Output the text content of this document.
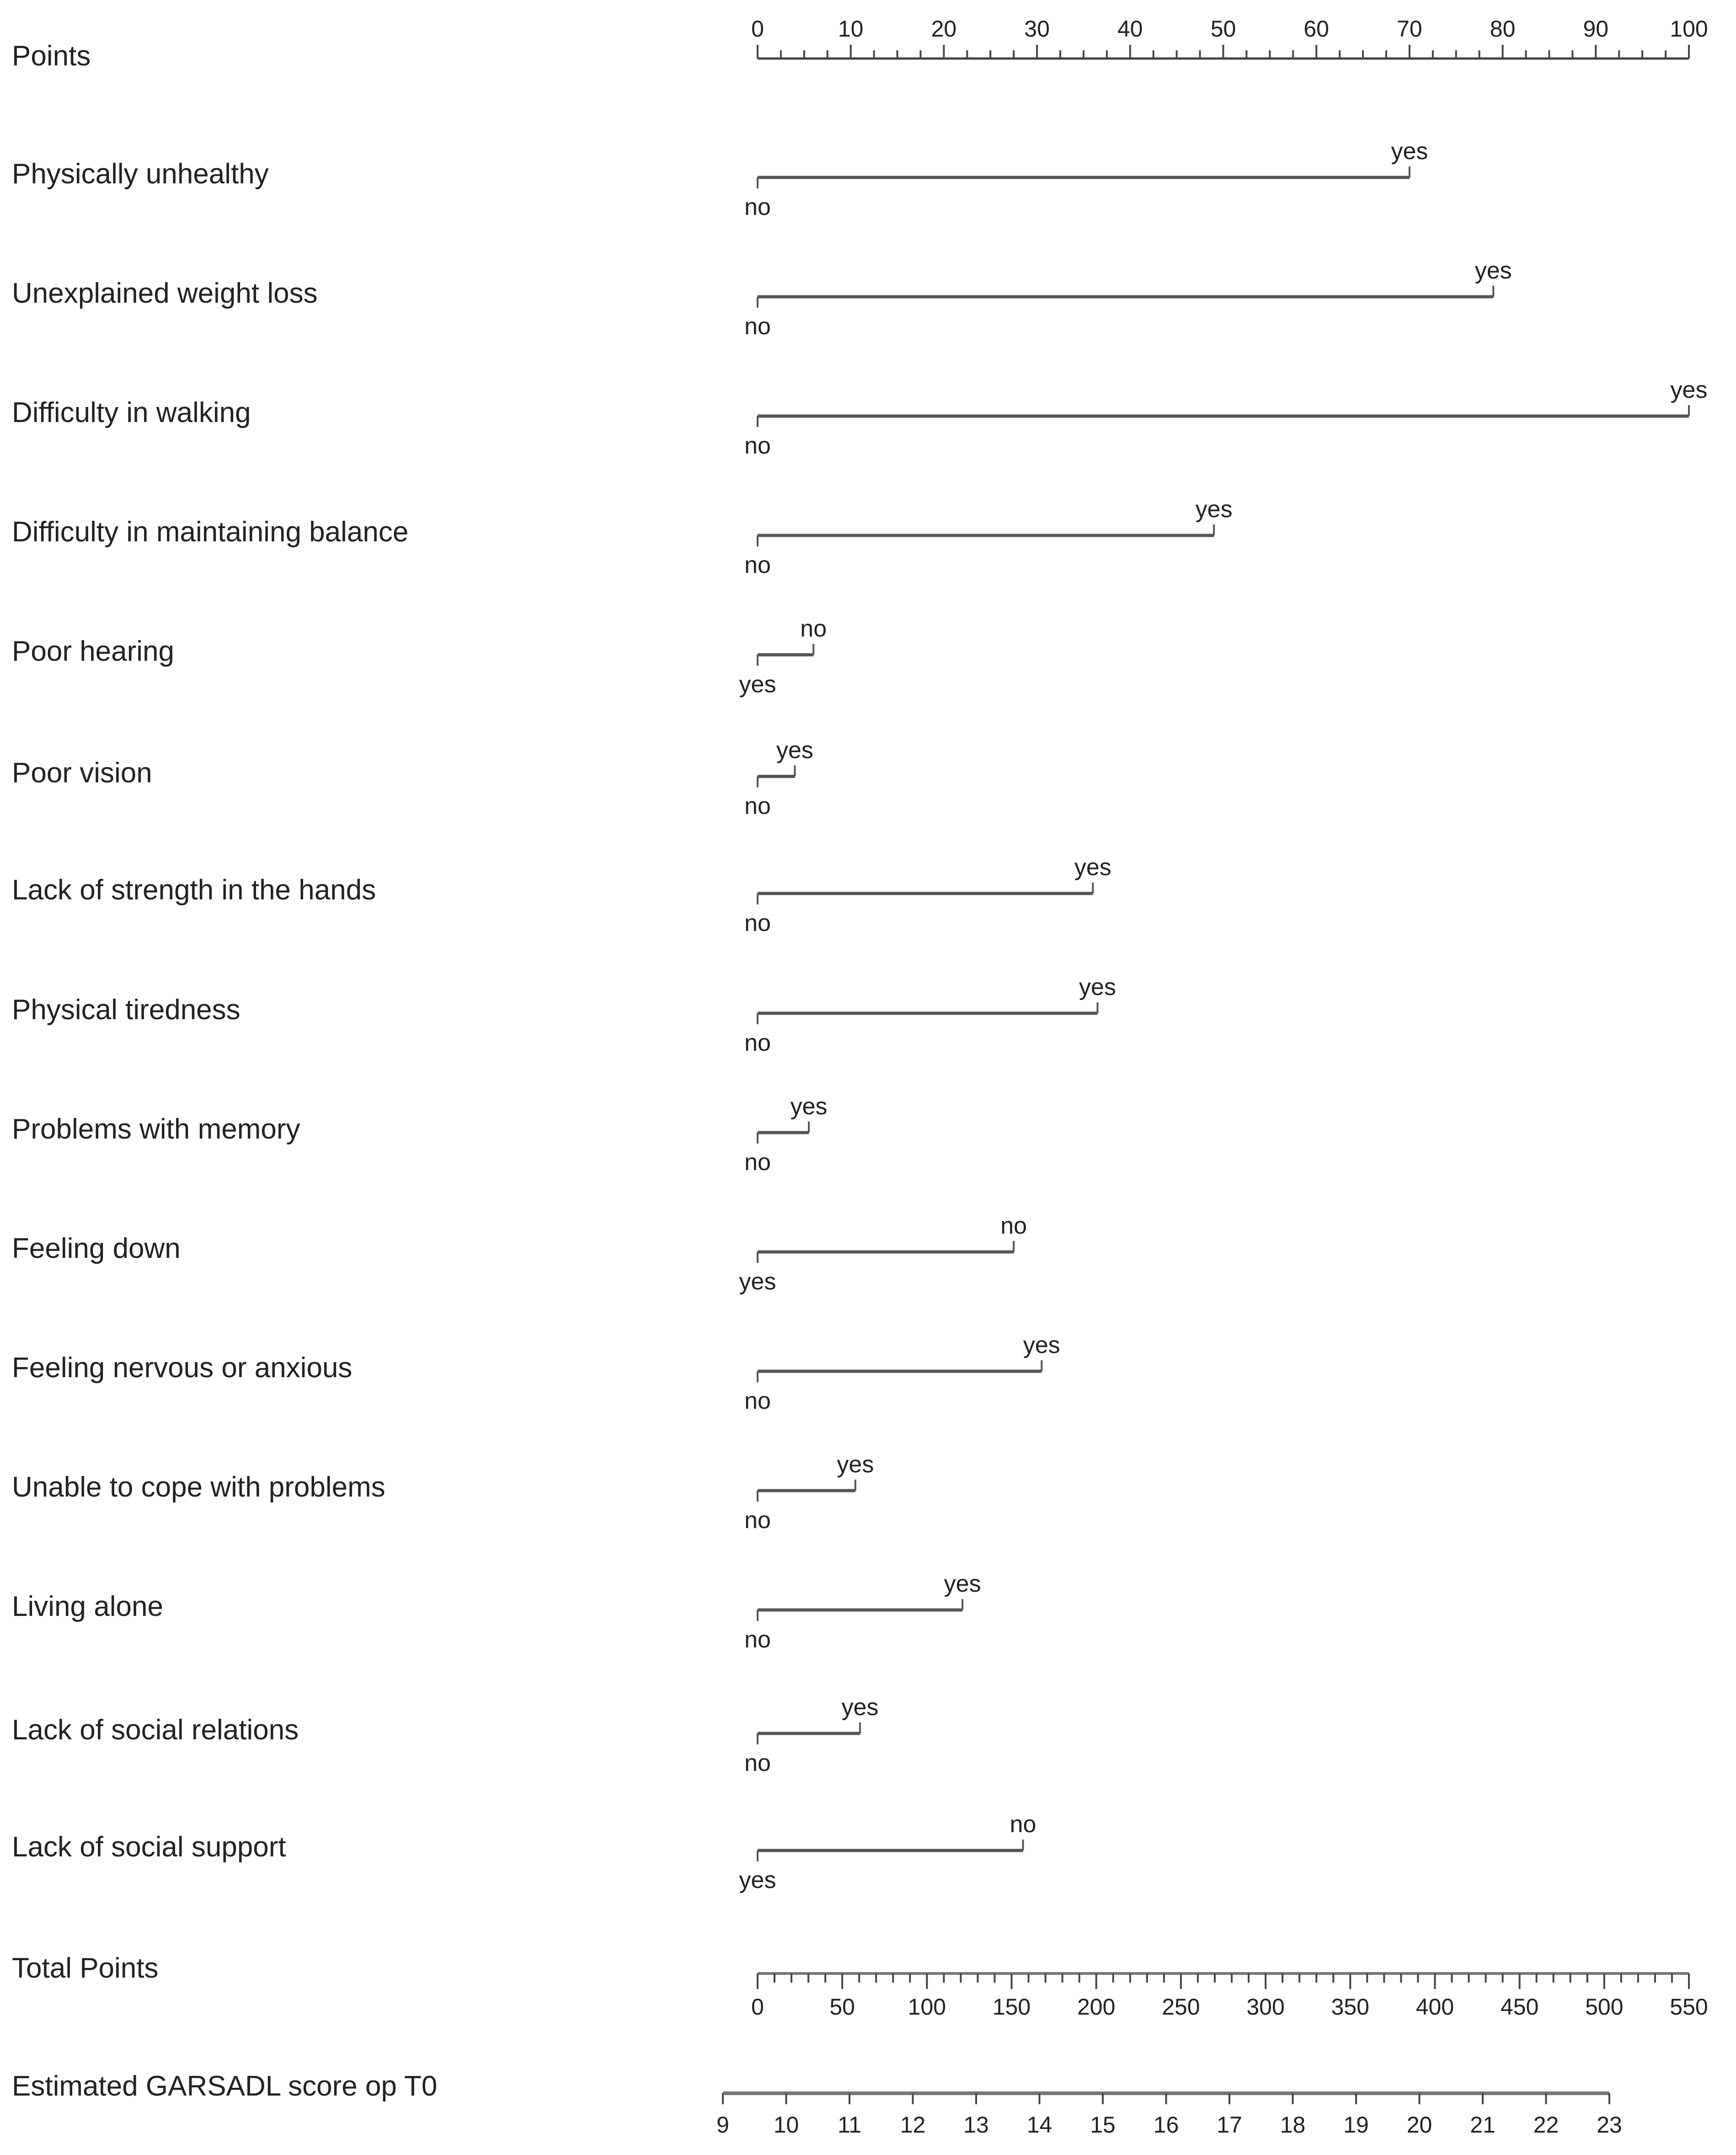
Points
Physically unhealthy
Unexplained weight loss
Difficulty in walking
Difficulty in maintaining balance
Poor hearing
Poor vision
Lack of strength in the hands
Physical tiredness
Problems with memory
Feeling down
Feeling nervous or anxious
Unable to cope with problems
Living alone
Lack of social relations
Lack of social support
Total Points
Estimated GARSADL score op T0
0	10	20	30	40	50	60	70	80	90	100
no
yes
no
yes
no
yes
no
yes
yes
no
no
yes
no
yes
no
yes
no
yes
yes
no
no
yes
no
yes
no
yes
no
yes
yes
no
0	50 100 150 200 250 300 350 400 450 500 550
9 10 11 12 13 14 15 16 17 18 19 20 21 22 23
